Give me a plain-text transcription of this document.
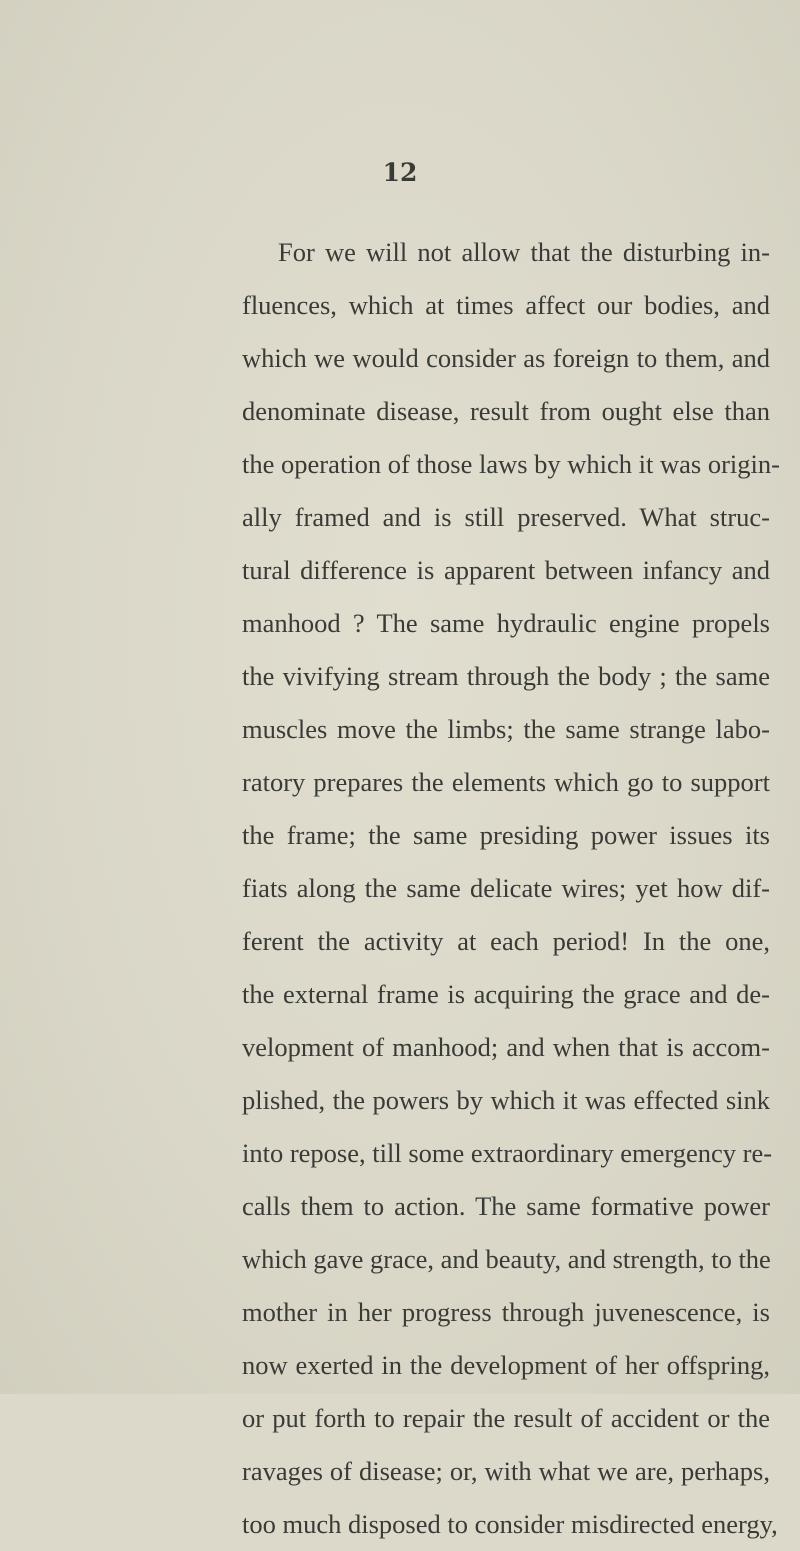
12
For we will not allow that the disturbing in-
fluences, which at times affect our bodies, and
which we would consider as foreign to them, and
denominate disease, result from ought else than
the operation of those laws by which it was origin-
ally framed and is still preserved. What struc-
tural difference is apparent between infancy and
manhood ? The same hydraulic engine propels
the vivifying stream through the body ; the same
muscles move the limbs; the same strange labo-
ratory prepares the elements which go to support
the frame; the same presiding power issues its
fiats along the same delicate wires; yet how dif-
ferent the activity at each period! In the one,
the external frame is acquiring the grace and de-
velopment of manhood; and when that is accom-
plished, the powers by which it was effected sink
into repose, till some extraordinary emergency re-
calls them to action. The same formative power
which gave grace, and beauty, and strength, to the
mother in her progress through juvenescence, is
now exerted in the development of her offspring,
or put forth to repair the result of accident or the
ravages of disease; or, with what we are, perhaps,
too much disposed to consider misdirected energy,
